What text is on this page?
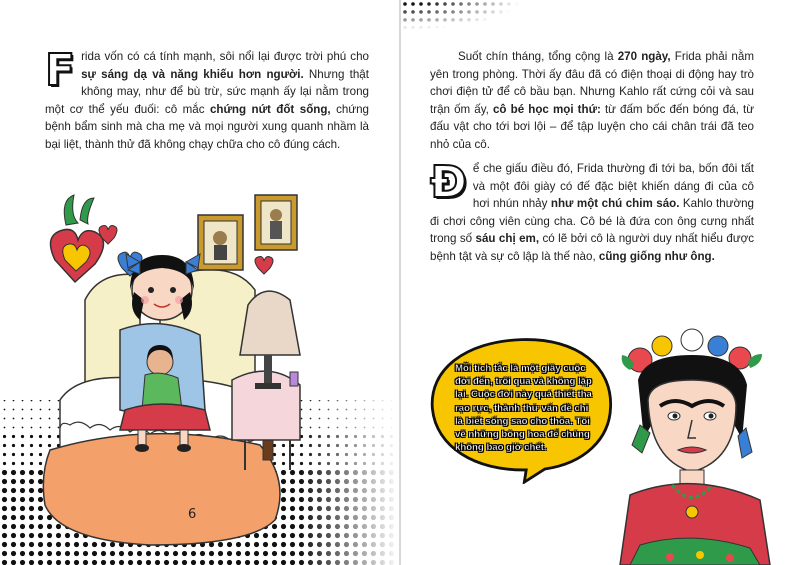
Frida vốn có cá tính mạnh, sôi nổi lại được trời phú cho sự sáng dạ và năng khiếu hơn người. Nhưng thật không may, như để bù trừ, sức mạnh ấy lại nằm trong một cơ thể yếu đuối: cô mắc chứng nứt đốt sống, chứng bệnh bẩm sinh mà cha mẹ và mọi người xung quanh nhầm là bại liệt, thành thử đã không chạy chữa cho cô đúng cách.
6
Suốt chín tháng, tổng cộng là 270 ngày, Frida phải nằm yên trong phòng. Thời ấy đâu đã có điện thoại di động hay trò chơi điện tử để cô bầu bạn. Nhưng Kahlo rất cứng cỏi và sau trận ốm ấy, cô bé học mọi thứ: từ đấm bốc đến bóng đá, từ đấu vật cho tới bơi lội – để tập luyện cho cái chân trái đã teo nhỏ của cô.
Để che giấu điều đó, Frida thường đi tới ba, bốn đôi tất và một đôi giày có đế đặc biệt khiến dáng đi của cô hơi nhún nhảy như một chú chim sáo. Kahlo thường đi chơi công viên cùng cha. Cô bé là đứa con ông cưng nhất trong số sáu chị em, có lẽ bởi cô là người duy nhất hiểu được bệnh tật và sự cô lập là thế nào, cũng giống như ông.
Mỗi tích tắc là một giây cuộc đời đến, trôi qua và không lặp lại. Cuộc đời này quá thiết tha rạo rực, thành thử vấn đề chỉ là biết sống sao cho thỏa. Tôi vẽ những bông hoa để chúng không bao giờ chết.
